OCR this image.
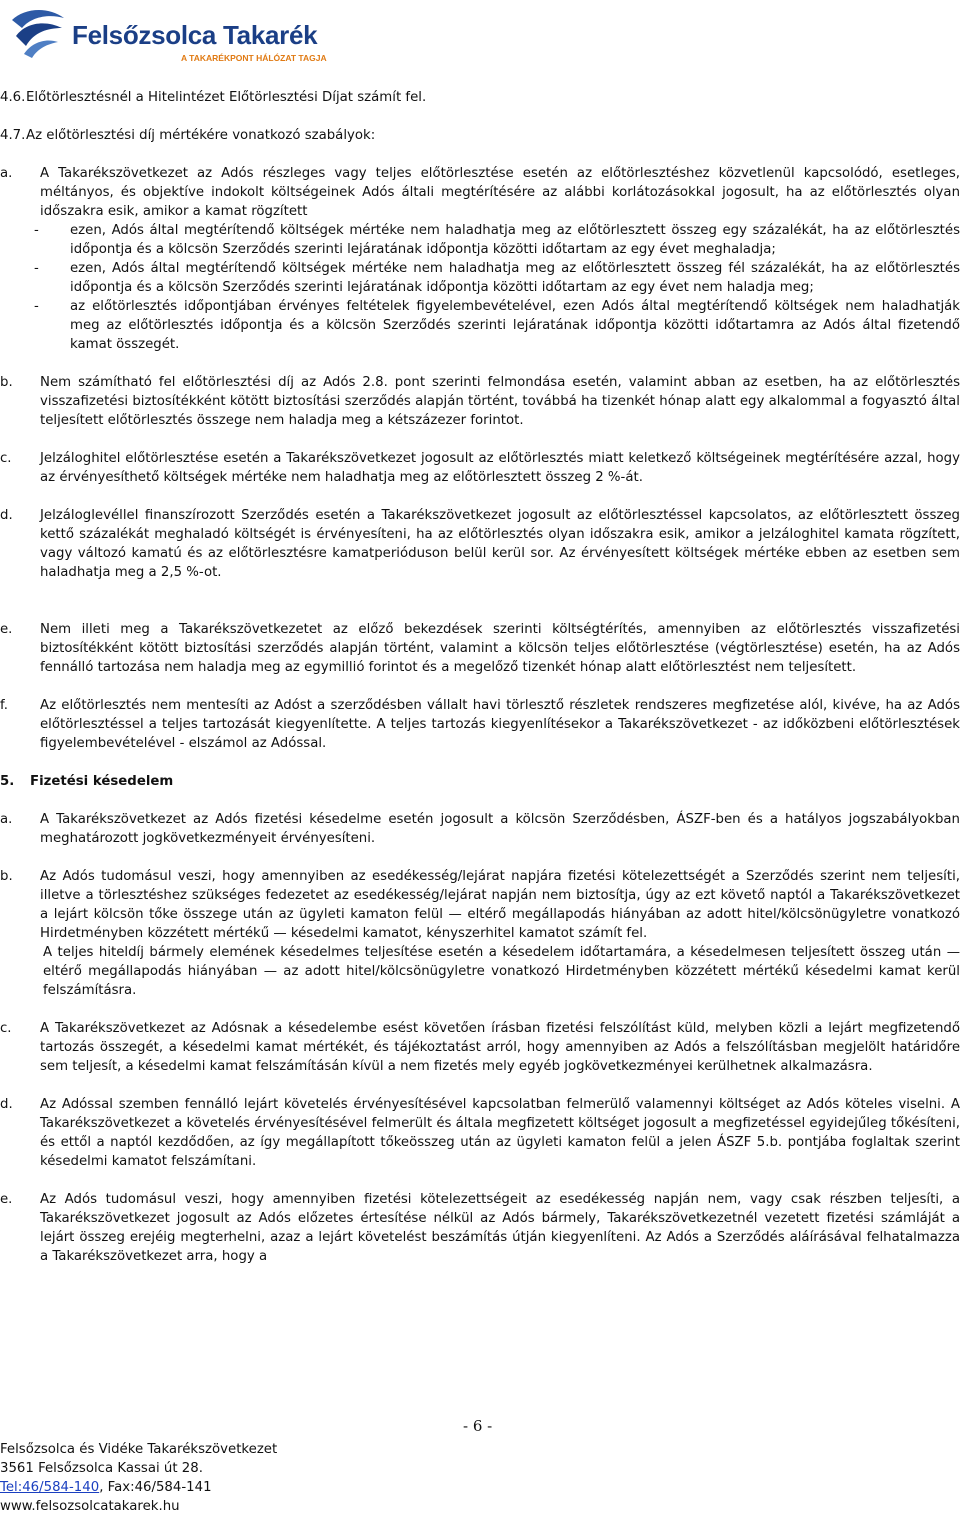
Felsőzsolca Takarék
A TAKARÉKPONT HÁLÓZAT TAGJA
4.6.Előtörlesztésnél a Hitelintézet Előtörlesztési Díjat számít fel.
4.7.Az előtörlesztési díj mértékére vonatkozó szabályok:
a. A Takarékszövetkezet az Adós részleges vagy teljes előtörlesztése esetén az előtörlesztéshez közvetlenül kapcsolódó, esetleges, méltányos, és objektíve indokolt költségeinek Adós általi megtérítésére az alábbi korlátozásokkal jogosult, ha az előtörlesztés olyan időszakra esik, amikor a kamat rögzített
- ezen, Adós által megtérítendő költségek mértéke nem haladhatja meg az előtörlesztett összeg egy százalékát, ha az előtörlesztés időpontja és a kölcsön Szerződés szerinti lejáratának időpontja közötti időtartam az egy évet meghaladja;
- ezen, Adós által megtérítendő költségek mértéke nem haladhatja meg az előtörlesztett összeg fél százalékát, ha az előtörlesztés időpontja és a kölcsön Szerződés szerinti lejáratának időpontja közötti időtartam az egy évet nem haladja meg;
- az előtörlesztés időpontjában érvényes feltételek figyelembevételével, ezen Adós által megtérítendő költségek nem haladhatják meg az előtörlesztés időpontja és a kölcsön Szerződés szerinti lejáratának időpontja közötti időtartamra az Adós által fizetendő kamat összegét.
b. Nem számítható fel előtörlesztési díj az Adós 2.8. pont szerinti felmondása esetén, valamint abban az esetben, ha az előtörlesztés visszafizetési biztosítékként kötött biztosítási szerződés alapján történt, továbbá ha tizenkét hónap alatt egy alkalommal a fogyasztó által teljesített előtörlesztés összege nem haladja meg a kétszázezer forintot.
c. Jelzáloghitel előtörlesztése esetén a Takarékszövetkezet jogosult az előtörlesztés miatt keletkező költségeinek megtérítésére azzal, hogy az érvényesíthető költségek mértéke nem haladhatja meg az előtörlesztett összeg 2 %-át.
d. Jelzáloglevéllel finanszírozott Szerződés esetén a Takarékszövetkezet jogosult az előtörlesztéssel kapcsolatos, az előtörlesztett összeg kettő százalékát meghaladó költségét is érvényesíteni, ha az előtörlesztés olyan időszakra esik, amikor a jelzáloghitel kamata rögzített, vagy változó kamatú és az előtörlesztésre kamatperióduson belül kerül sor. Az érvényesített költségek mértéke ebben az esetben sem haladhatja meg a 2,5 %-ot.
e. Nem illeti meg a Takarékszövetkezetet az előző bekezdések szerinti költségtérítés, amennyiben az előtörlesztés visszafizetési biztosítékként kötött biztosítási szerződés alapján történt, valamint a kölcsön teljes előtörlesztése (végtörlesztése) esetén, ha az Adós fennálló tartozása nem haladja meg az egymillió forintot és a megelőző tizenkét hónap alatt előtörlesztést nem teljesített.
f. Az előtörlesztés nem mentesíti az Adóst a szerződésben vállalt havi törlesztő részletek rendszeres megfizetése alól, kivéve, ha az Adós előtörlesztéssel a teljes tartozását kiegyenlítette. A teljes tartozás kiegyenlítésekor a Takarékszövetkezet - az időközbeni előtörlesztések figyelembevételével - elszámol az Adóssal.
5. Fizetési késedelem
a. A Takarékszövetkezet az Adós fizetési késedelme esetén jogosult a kölcsön Szerződésben, ÁSZF-ben és a hatályos jogszabályokban meghatározott jogkövetkezményeit érvényesíteni.
b. Az Adós tudomásul veszi, hogy amennyiben az esedékesség/lejárat napjára fizetési kötelezettségét a Szerződés szerint nem teljesíti, illetve a törlesztéshez szükséges fedezetet az esedékesség/lejárat napján nem biztosítja, úgy az ezt követő naptól a Takarékszövetkezet a lejárt kölcsön tőke összege után az ügyleti kamaton felül — eltérő megállapodás hiányában az adott hitel/kölcsönügyletre vonatkozó Hirdetményben közzétett mértékű — késedelmi kamatot, kényszerhitel kamatot számít fel.
A teljes hiteldíj bármely elemének késedelmes teljesítése esetén a késedelem időtartamára, a késedelmesen teljesített összeg után — eltérő megállapodás hiányában — az adott hitel/kölcsönügyletre vonatkozó Hirdetményben közzétett mértékű késedelmi kamat kerül felszámításra.
c. A Takarékszövetkezet az Adósnak a késedelembe esést követően írásban fizetési felszólítást küld, melyben közli a lejárt megfizetendő tartozás összegét, a késedelmi kamat mértékét, és tájékoztatást arról, hogy amennyiben az Adós a felszólításban megjelölt határidőre sem teljesít, a késedelmi kamat felszámításán kívül a nem fizetés mely egyéb jogkövetkezményei kerülhetnek alkalmazásra.
d. Az Adóssal szemben fennálló lejárt követelés érvényesítésével kapcsolatban felmerülő valamennyi költséget az Adós köteles viselni. A Takarékszövetkezet a követelés érvényesítésével felmerült és általa megfizetett költséget jogosult a megfizetéssel egyidejűleg tőkésíteni, és ettől a naptól kezdődően, az így megállapított tőkeösszeg után az ügyleti kamaton felül a jelen ÁSZF 5.b. pontjába foglaltak szerint késedelmi kamatot felszámítani.
e. Az Adós tudomásul veszi, hogy amennyiben fizetési kötelezettségeit az esedékesség napján nem, vagy csak részben teljesíti, a Takarékszövetkezet jogosult az Adós előzetes értesítése nélkül az Adós bármely, Takarékszövetkezetnél vezetett fizetési számláját a lejárt összeg erejéig megterhelni, azaz a lejárt követelést beszámítás útján kiegyenlíteni. Az Adós a Szerződés aláírásával felhatalmazza a Takarékszövetkezet arra, hogy a
- 6 -
Felsőzsolca és Vidéke Takarékszövetkezet
3561 Felsőzsolca Kassai út 28.
Tel:46/584-140, Fax:46/584-141
www.felsozsolcatakarek.hu
